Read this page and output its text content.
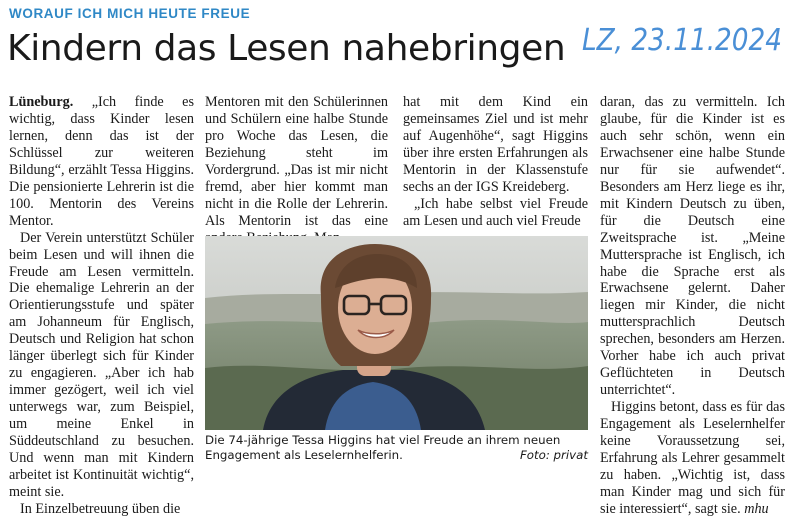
WORAUF ICH MICH HEUTE FREUE
Kindern das Lesen nahebringen LZ, 23.11.2024

Lüneburg. „Ich finde es wichtig, dass Kinder lesen lernen, denn das ist der Schlüssel zur weiteren Bildung“, erzählt Tessa Higgins. Die pensionierte Lehrerin ist die 100. Mentorin des Vereins Mentor.

Der Verein unterstützt Schüler beim Lesen und will ihnen die Freude am Lesen vermitteln. Die ehemalige Lehrerin an der Orientierungsstufe und später am Johanneum für Englisch, Deutsch und Religion hat schon länger überlegt sich für Kinder zu engagieren. „Aber ich hab immer gezögert, weil ich viel unterwegs war, zum Beispiel, um meine Enkel in Süddeutschland zu besuchen. Und wenn man mit Kindern arbeitet ist Kontinuität wichtig“, meint sie.

In Einzelbetreuung üben die

Mentoren mit den Schülerinnen und Schülern eine halbe Stunde pro Woche das Lesen, die Beziehung steht im Vordergrund. „Das ist mir nicht fremd, aber hier kommt man nicht in die Rolle der Lehrerin. Als Mentorin ist das eine

hat mit dem Kind ein gemeinsames Ziel und ist mehr auf Augenhöhe“, sagt Higgins über ihre ersten Erfahrungen als Mentorin in der Klassenstufe sechs an der IGS Kreideberg.

„Ich habe selbst viel Freude am Lesen und auch viel Freude

daran, das zu vermitteln. Ich glaube, für die Kinder ist es auch sehr schön, wenn ein Erwachsener eine halbe Stunde nur für sie aufwendet“. Besonders am Herz liege es ihr, mit Kindern Deutsch zu üben, für die Deutsch eine Zweitsprache ist. „Meine Muttersprache ist Englisch, ich habe die Sprache erst als Erwachsene gelernt. Daher liegen mir Kinder, die nicht muttersprachlich Deutsch sprechen, besonders am Herzen. Vorher habe ich auch privat Geflüchteten in Deutsch unterrichtet“.

Higgins betont, dass es für das Engagement als Leselernhelfer keine Voraussetzung sei, Erfahrung als Lehrer gesammelt zu haben. „Wichtig ist, dass man Kinder mag und sich für sie interessiert“, sagt sie. mhu

Die 74-jährige Tessa Higgins hat viel Freude an ihrem neuen Engagement als Leselernhelferin.	Foto: privat
